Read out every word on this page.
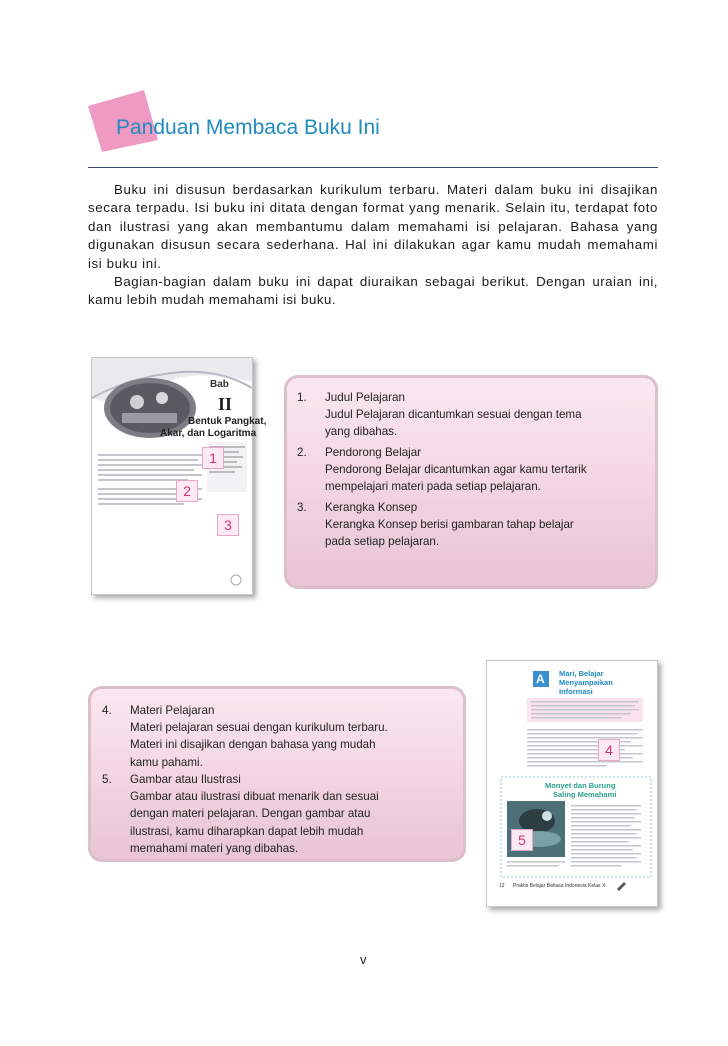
Panduan Membaca Buku Ini

Buku ini disusun berdasarkan kurikulum terbaru. Materi dalam buku ini disajikan secara terpadu. Isi buku ini ditata dengan format yang menarik. Selain itu, terdapat foto dan ilustrasi yang akan membantumu dalam memahami isi pelajaran. Bahasa yang digunakan disusun secara sederhana. Hal ini dilakukan agar kamu mudah memahami isi buku ini.

Bagian-bagian dalam buku ini dapat diuraikan sebagai berikut. Dengan uraian ini, kamu lebih mudah memahami isi buku.

Bab
II
Bentuk Pangkat,
Akar, dan Logaritma
1
2
3
1. Judul Pelajaran
Judul Pelajaran dicantumkan sesuai dengan tema
yang dibahas.
2. Pendorong Belajar
Pendorong Belajar dicantumkan agar kamu tertarik
mempelajari materi pada setiap pelajaran.
3. Kerangka Konsep
Kerangka Konsep berisi gambaran tahap belajar
pada setiap pelajaran.
4. Materi Pelajaran
Materi pelajaran sesuai dengan kurikulum terbaru.
Materi ini disajikan dengan bahasa yang mudah
kamu pahami.
5. Gambar atau Ilustrasi
Gambar atau ilustrasi dibuat menarik dan sesuai
dengan materi pelajaran. Dengan gambar atau
ilustrasi, kamu diharapkan dapat lebih mudah
memahami materi yang dibahas.
A Mari, Belajar
Menyampaikan
Informasi
Monyet dan Burung
Saling Memahami
12 Praktis Belajar Bahasa Indonesia Kelas X
4
5
v
